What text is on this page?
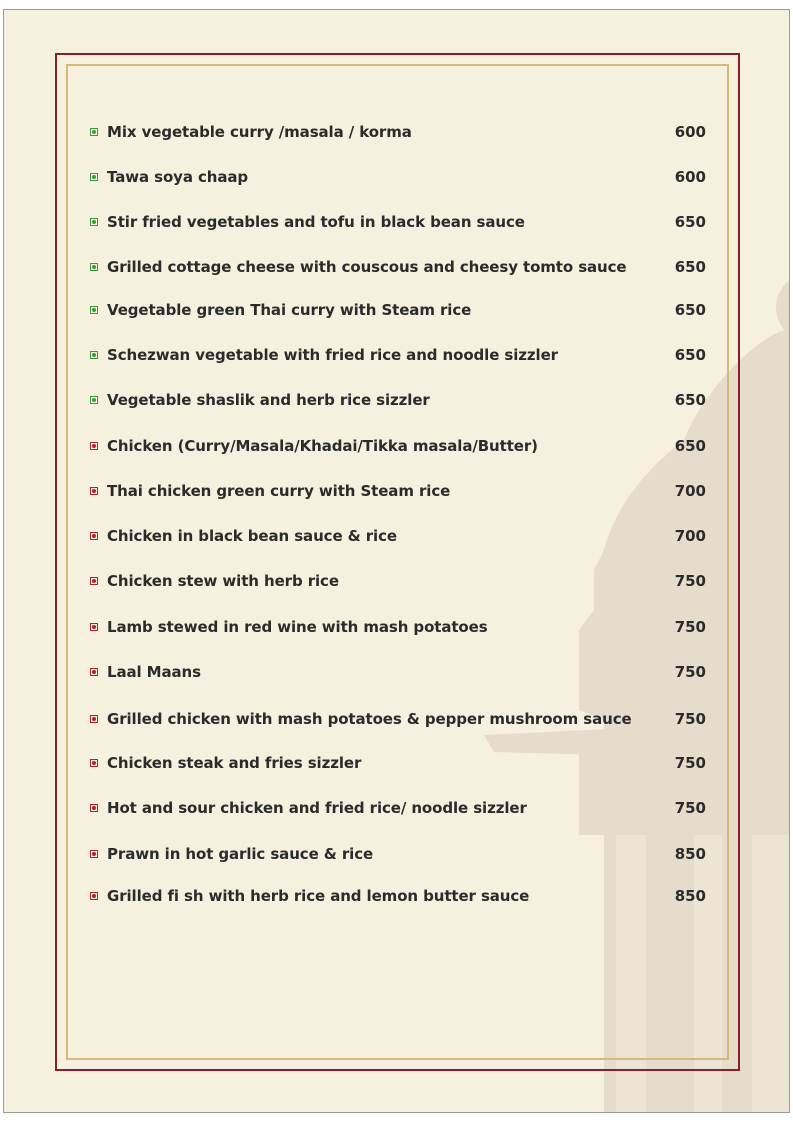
Mix vegetable curry /masala / korma	600
Tawa soya chaap	600
Stir fried vegetables and tofu in black bean sauce	650
Grilled cottage cheese with couscous and cheesy tomto sauce	650
Vegetable green Thai curry with Steam rice	650
Schezwan vegetable with fried rice and noodle sizzler	650
Vegetable shaslik and herb rice sizzler	650
Chicken (Curry/Masala/Khadai/Tikka masala/Butter)	650
Thai chicken green curry with Steam rice	700
Chicken in black bean sauce & rice	700
Chicken stew with herb rice	750
Lamb stewed in red wine with mash potatoes	750
Laal Maans	750
Grilled chicken with mash potatoes & pepper mushroom sauce	750
Chicken steak and fries sizzler	750
Hot and sour chicken and fried rice/ noodle sizzler	750
Prawn in hot garlic sauce & rice	850
Grilled fi sh with herb rice and lemon butter sauce	850
